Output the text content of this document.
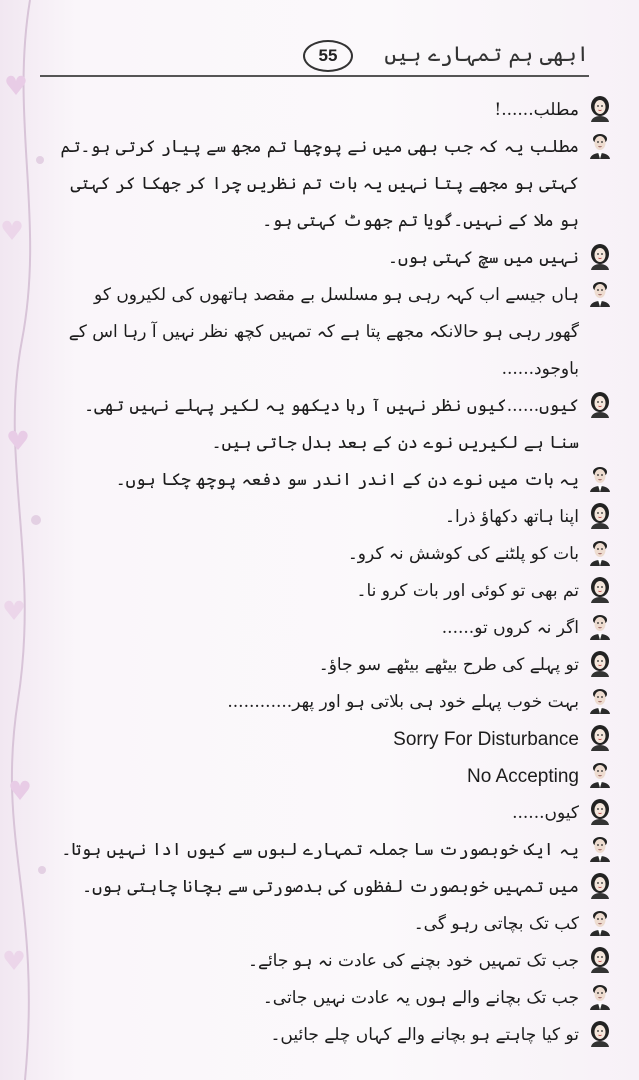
ابھی ہم تمہارے ہیں
55
مطلب......!
مطلب یہ کہ جب بھی میں نے پوچھا تم مجھ سے پیار کرتی ہو۔تم کہتی ہو مجھے پتا نہیں یہ بات تم نظریں چرا کر جھکا کر کہتی ہو ملا کے نہیں۔گویا تم جھوٹ کہتی ہو۔
نہیں میں سچ کہتی ہوں۔
ہاں جیسے اب کہہ رہی ہو مسلسل بے مقصد ہاتھوں کی لکیروں کو گھور رہی ہو حالانکہ مجھے پتا ہے کہ تمہیں کچھ نظر نہیں آ رہا اس کے باوجود......
کیوں......کیوں نظر نہیں آ رہا دیکھو یہ لکیر پہلے نہیں تھی۔سنا ہے لکیریں نوے دن کے بعد بدل جاتی ہیں۔
یہ بات میں نوے دن کے اندر اندر سو دفعہ پوچھ چکا ہوں۔
اپنا ہاتھ دکھاؤ ذرا۔
بات کو پلٹنے کی کوشش نہ کرو۔
تم بھی تو کوئی اور بات کرو نا۔
اگر نہ کروں تو......
تو پہلے کی طرح بیٹھے بیٹھے سو جاؤ۔
بہت خوب پہلے خود ہی بلاتی ہو اور پھر............
Sorry For Disturbance
No Accepting
کیوں......
یہ ایک خوبصورت سا جملہ تمہارے لبوں سے کیوں ادا نہیں ہوتا۔
میں تمہیں خوبصورت لفظوں کی بدصورتی سے بچانا چاہتی ہوں۔
کب تک بچاتی رہو گی۔
جب تک تمہیں خود بچنے کی عادت نہ ہو جائے۔
جب تک بچانے والے ہوں یہ عادت نہیں جاتی۔
تو کیا چاہتے ہو بچانے والے کہاں چلے جائیں۔
